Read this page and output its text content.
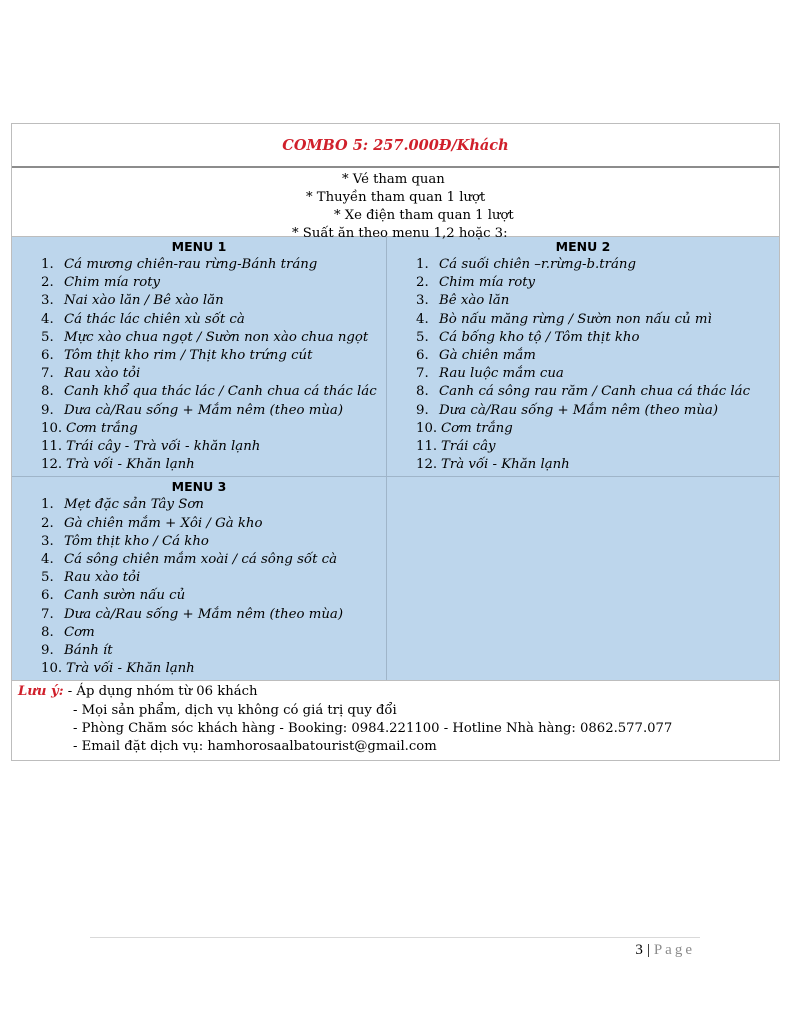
COMBO 5: 257.000Đ/Khách
* Vé tham quan
* Thuyền tham quan 1 lượt
* Xe điện tham quan 1 lượt
* Suất ăn theo menu 1,2 hoặc 3:
MENU 1
1. Cá mương chiên-rau rừng-Bánh tráng
2. Chim mía roty
3. Nai xào lăn / Bê xào lăn
4. Cá thác lác chiên xù sốt cà
5. Mực xào chua ngọt / Sườn non xào chua ngọt
6. Tôm thịt kho rim / Thịt kho trứng cút
7. Rau xào tỏi
8. Canh khổ qua thác lác / Canh chua cá thác lác
9. Dưa cà/Rau sống + Mắm nêm (theo mùa)
10. Cơm trắng
11. Trái cây - Trà vối - khăn lạnh
12. Trà vối - Khăn lạnh
MENU 2
1. Cá suối chiên –r.rừng-b.tráng
2. Chim mía roty
3. Bê xào lăn
4. Bò nấu măng rừng / Sườn non nấu củ mì
5. Cá bống kho tộ / Tôm thịt kho
6. Gà chiên mắm
7. Rau luộc mắm cua
8. Canh cá sông rau răm / Canh chua cá thác lác
9. Dưa cà/Rau sống + Mắm nêm (theo mùa)
10. Cơm trắng
11. Trái cây
12. Trà vối - Khăn lạnh
MENU 3
1. Mẹt đặc sản Tây Sơn
2. Gà chiên mắm + Xôi / Gà kho
3. Tôm thịt kho / Cá kho
4. Cá sông chiên mắm xoài / cá sông sốt cà
5. Rau xào tỏi
6. Canh sườn nấu củ
7. Dưa cà/Rau sống + Mắm nêm (theo mùa)
8. Cơm
9. Bánh ít
10. Trà vối - Khăn lạnh
Lưu ý: - Áp dụng nhóm từ 06 khách
- Mọi sản phẩm, dịch vụ không có giá trị quy đổi
- Phòng Chăm sóc khách hàng - Booking: 0984.221100 - Hotline Nhà hàng: 0862.577.077
- Email đặt dịch vụ: hamhorosaalbatourist@gmail.com
3 | Page
